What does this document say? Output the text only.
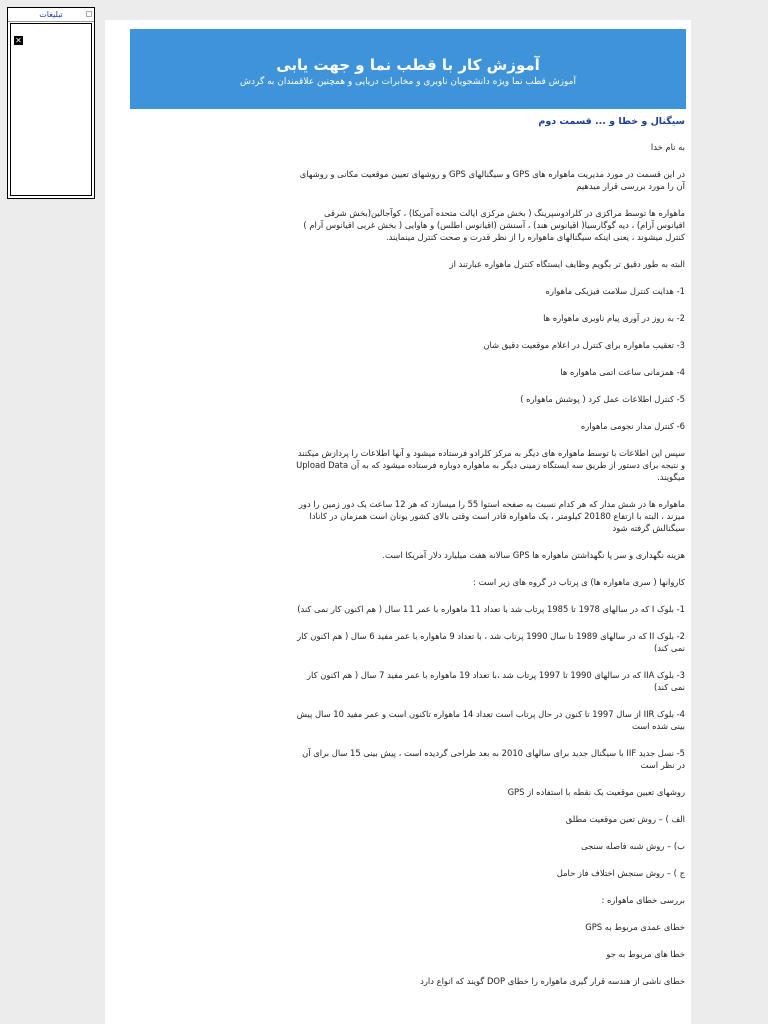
تبلیغات
✕
آموزش کار با قطب نما و جهت یابی
آموزش قطب نما ویژه دانشجویان ناوبری و مخابرات دریایی و همچنین علاقمندان به گردش
سیگنال و خطا و ... قسمت دوم

به نام خدا

در این قسمت در مورد مدیریت ماهواره های GPS و سیگنالهای GPS و روشهای تعیین موقعیت مکانی و روشهای آن را مورد بررسی قرار میدهیم

ماهواره ها توسط مراکزی در کلرادوسپرینگ ( بخش مرکزی ایالت متحده آمریکا) ، کوآجالین(بخش شرقی اقیانوس آرام) ، دیه گوگارسیا( اقیانوس هند) ، آسنشن (اقیانوس اطلس) و هاوایی ( بخش غربی اقیانوس آرام ) کنترل میشوند ، یعنی اینکه سیگنالهای ماهواره را از نظر قدرت و صحت کنترل مینمایند.

البته به طور دقیق تر بگویم وظایف ایستگاه کنترل ماهواره عبارتند از

1- هدایت کنترل سلامت فیزیکی ماهواره

2- به روز در آوری پیام ناوبری ماهواره ها

3- تعقیب ماهواره برای کنترل در اعلام موقعیت دقیق شان

4- همزمانی ساعت اتمی ماهواره ها

5- کنترل اطلاعات عمل کرد ( پوشش ماهواره )

6- کنترل مدار نجومی ماهواره

سپس این اطلاعات با توسط ماهواره های دیگر به مرکز کلرادو فرستاده میشود و آنها اطلاعات را پردازش میکنند و نتیجه برای دستور از طریق سه ایستگاه زمینی دیگر به ماهواره دوباره فرستاده میشود که به آن Upload Data میگویند.

ماهواره ها در شش مدار که هر کدام نسبت به صفحه استوا 55 را میسازد که هر 12 ساعت یک دور زمین را دور میزند ، البته با ارتفاع 20180 کیلومتر ، یک ماهواره قادر است وقتی بالای کشور یونان است همزمان در کانادا سیگنالش گرفته شود

هزینه نگهداری و سر پا نگهداشتن ماهواره ها GPS سالانه هفت میلیارد دلار آمریکا است.

کاروانها ( سری ماهواره ها) ی پرتاب در گروه های زیر است :

1- بلوک I که در سالهای 1978 تا 1985 پرتاب شد با تعداد 11 ماهواره با عمر 11 سال ( هم اکنون کار نمی کند)

2- بلوک II که در سالهای 1989 تا سال 1990 پرتاب شد ، با تعداد 9 ماهواره با عمر مفید 6 سال ( هم اکنون کار نمی کند)

3- بلوک IIA که در سالهای 1990 تا 1997 پرتاب شد ،با تعداد 19 ماهواره با عمر مفید 7 سال ( هم اکنون کار نمی کند)

4- بلوک IIR از سال 1997 تا کنون در حال پرتاب است تعداد 14 ماهواره تاکنون است و عمر مفید 10 سال پیش بینی شده است

5- نسل جدید IIF با سیگنال جدید برای سالهای 2010 به بعد طراحی گردیده است ، پیش بینی 15 سال برای آن در نظر است

روشهای تعیین موقعیت یک نقطه با استفاده از GPS

الف ) – روش تعین موقعیت مطلق

ب) – روش شبه فاصله سنجی

ج ) – روش سنجش اختلاف فاز حامل

بررسی خطای ماهواره :

خطای عمدی مربوط به GPS

خطا های مربوط به جو

خطای ناشی از هندسه قرار گیری ماهواره را خطای DOP گویند که انواع دارد
